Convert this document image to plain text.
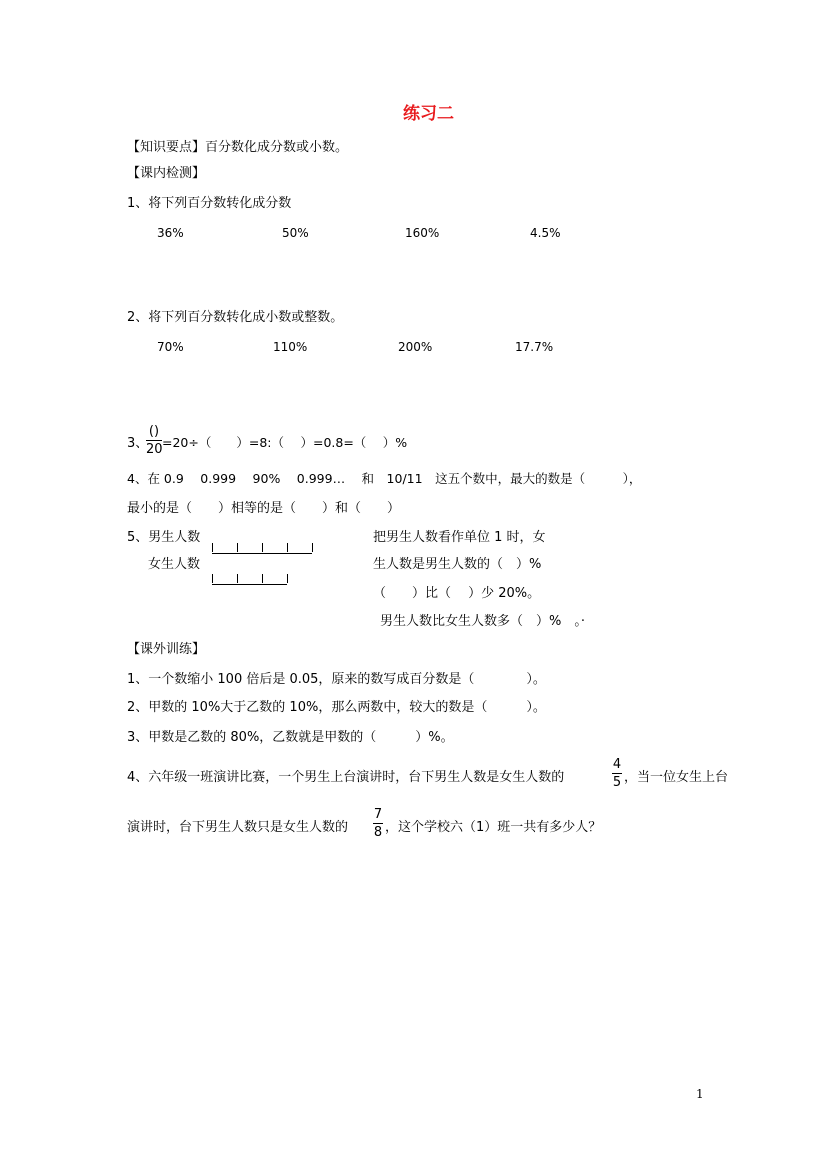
练习二
【知识要点】百分数化成分数或小数。
【课内检测】
1、将下列百分数转化成分数
36%	50%	160%	4.5%
2、将下列百分数转化成小数或整数。
70%	110%	200%	17.7%
3、
()
20 =20÷（　　）=8:（　 ）=0.8=（　 ）%
4、在 0.9　 0.999　 90%　 0.999…　 和　10/11　这五个数中，最大的数是（　　　），
最小的是（　　）相等的是（　　）和（　　）
5、男生人数
女生人数
把男生人数看作单位 1 时，女
生人数是男生人数的（　）%
（　　）比（　 ）少 20%。
男生人数比女生人数多（　）%　。·
【课外训练】
1、一个数缩小 100 倍后是 0.05，原来的数写成百分数是（　　　　）。
2、甲数的 10%大于乙数的 10%，那么两数中，较大的数是（　　　）。
3、甲数是乙数的 80%，乙数就是甲数的（　　　）%。
4、六年级一班演讲比赛，一个男生上台演讲时，台下男生人数是女生人数的
4
5 ，当一位女生上台
演讲时，台下男生人数只是女生人数的
7
8 ，这个学校六（1）班一共有多少人？
1
